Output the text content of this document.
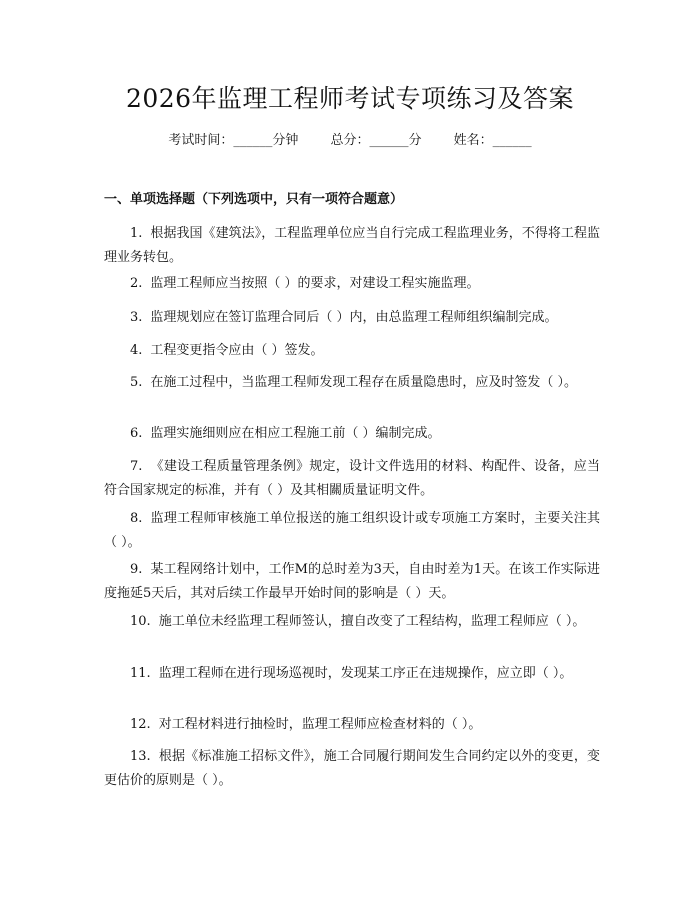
2026年监理工程师考试专项练习及答案
考试时间：______分钟 总分：______分 姓名：______
一、单项选择题（下列选项中，只有一项符合题意）
1. 根据我国《建筑法》，工程监理单位应当自行完成工程监理业务，不得将工程监理业务转包。
2. 监理工程师应当按照（ ）的要求，对建设工程实施监理。
3. 监理规划应在签订监理合同后（ ）内，由总监理工程师组织编制完成。
4. 工程变更指令应由（ ）签发。
5. 在施工过程中，当监理工程师发现工程存在质量隐患时，应及时签发（ ）。
6. 监理实施细则应在相应工程施工前（ ）编制完成。
7. 《建设工程质量管理条例》规定，设计文件选用的材料、构配件、设备，应当符合国家规定的标准，并有（ ）及其相關质量证明文件。
8. 监理工程师审核施工单位报送的施工组织设计或专项施工方案时，主要关注其（ ）。
9. 某工程网络计划中，工作M的总时差为3天，自由时差为1天。在该工作实际进度拖延5天后，其对后续工作最早开始时间的影响是（ ）天。
10. 施工单位未经监理工程师签认，擅自改变了工程结构，监理工程师应（ ）。
11. 监理工程师在进行现场巡视时，发现某工序正在违规操作，应立即（ ）。
12. 对工程材料进行抽检时，监理工程师应检查材料的（ ）。
13. 根据《标准施工招标文件》，施工合同履行期间发生合同约定以外的变更，变更估价的原则是（ ）。
